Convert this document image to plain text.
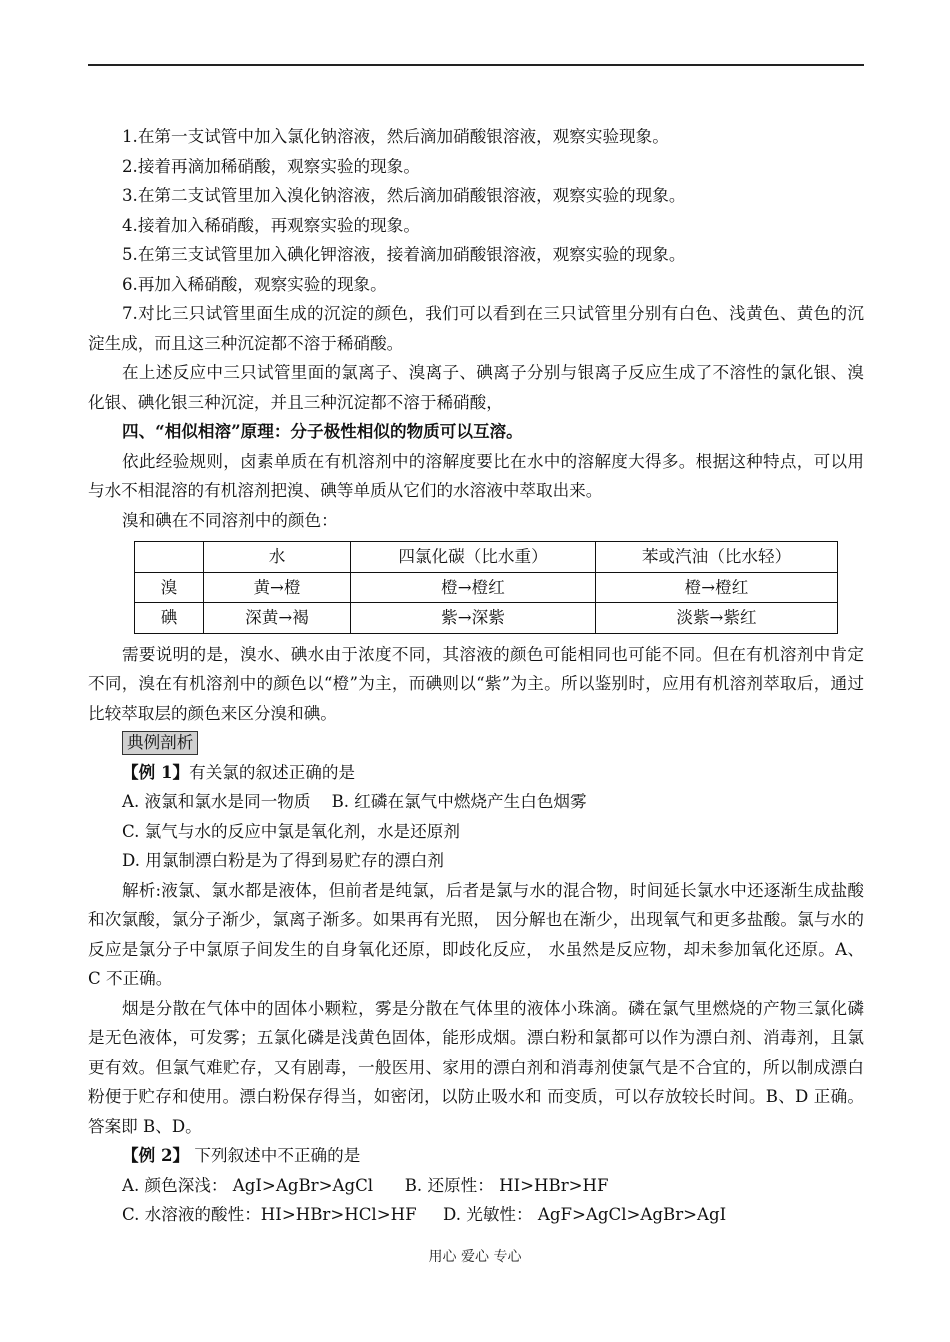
1.在第一支试管中加入氯化钠溶液，然后滴加硝酸银溶液，观察实验现象。
2.接着再滴加稀硝酸，观察实验的现象。
3.在第二支试管里加入溴化钠溶液，然后滴加硝酸银溶液，观察实验的现象。
4.接着加入稀硝酸，再观察实验的现象。
5.在第三支试管里加入碘化钾溶液，接着滴加硝酸银溶液，观察实验的现象。
6.再加入稀硝酸，观察实验的现象。
7.对比三只试管里面生成的沉淀的颜色，我们可以看到在三只试管里分别有白色、浅黄色、黄色的沉淀生成，而且这三种沉淀都不溶于稀硝酸。
在上述反应中三只试管里面的氯离子、溴离子、碘离子分别与银离子反应生成了不溶性的氯化银、溴化银、碘化银三种沉淀，并且三种沉淀都不溶于稀硝酸，
四、“相似相溶”原理：分子极性相似的物质可以互溶。
依此经验规则，卤素单质在有机溶剂中的溶解度要比在水中的溶解度大得多。根据这种特点，可以用与水不相混溶的有机溶剂把溴、碘等单质从它们的水溶液中萃取出来。
溴和碘在不同溶剂中的颜色：
	水	四氯化碳（比水重）	苯或汽油（比水轻）
溴	黄→橙	橙→橙红	橙→橙红
碘	深黄→褐	紫→深紫	淡紫→紫红
需要说明的是，溴水、碘水由于浓度不同，其溶液的颜色可能相同也可能不同。但在有机溶剂中肯定不同，溴在有机溶剂中的颜色以“橙”为主，而碘则以“紫”为主。所以鉴别时，应用有机溶剂萃取后，通过比较萃取层的颜色来区分溴和碘。
典例剖析
【例 1】有关氯的叙述正确的是
A. 液氯和氯水是同一物质    B. 红磷在氯气中燃烧产生白色烟雾
C. 氯气与水的反应中氯是氧化剂，水是还原剂
D. 用氯制漂白粉是为了得到易贮存的漂白剂
解析:液氯、氯水都是液体，但前者是纯氯，后者是氯与水的混合物，时间延长氯水中还逐渐生成盐酸和次氯酸，氯分子渐少，氯离子渐多。如果再有光照， 因分解也在渐少，出现氧气和更多盐酸。氯与水的反应是氯分子中氯原子间发生的自身氧化还原，即歧化反应， 水虽然是反应物，却未参加氧化还原。A、C 不正确。
烟是分散在气体中的固体小颗粒，雾是分散在气体里的液体小珠滴。磷在氯气里燃烧的产物三氯化磷是无色液体，可发雾；五氯化磷是浅黄色固体，能形成烟。漂白粉和氯都可以作为漂白剂、消毒剂，且氯更有效。但氯气难贮存，又有剧毒，一般医用、家用的漂白剂和消毒剂使氯气是不合宜的，所以制成漂白粉便于贮存和使用。漂白粉保存得当，如密闭，以防止吸水和 而变质，可以存放较长时间。B、D 正确。答案即 B、D。
【例 2】 下列叙述中不正确的是
A. 颜色深浅： AgI>AgBr>AgCl      B. 还原性： HI>HBr>HF
C. 水溶液的酸性：HI>HBr>HCl>HF     D. 光敏性： AgF>AgCl>AgBr>AgI
用心 爱心 专心
